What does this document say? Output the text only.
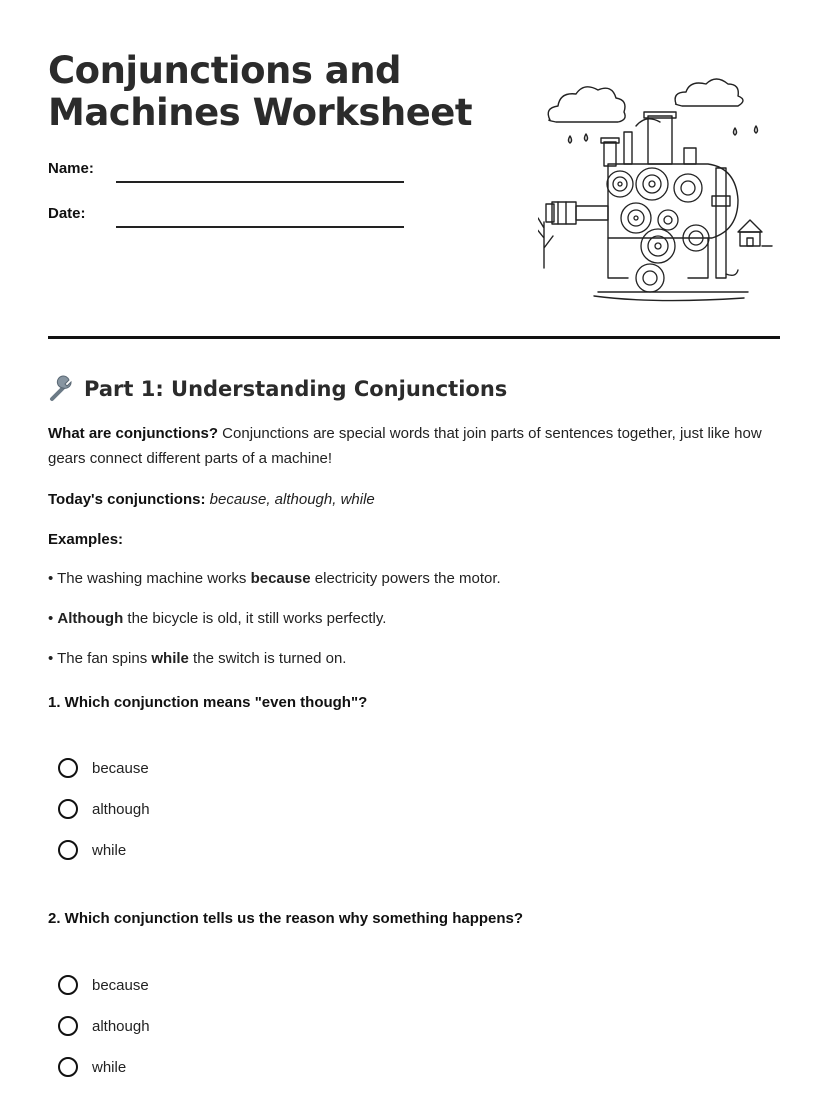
Conjunctions and
Machines Worksheet
Name:
Date:
Part 1: Understanding Conjunctions

What are conjunctions? Conjunctions are special words that join parts of sentences together, just like how gears connect different parts of a machine!

Today's conjunctions: because, although, while

Examples:

• The washing machine works because electricity powers the motor.

• Although the bicycle is old, it still works perfectly.

• The fan spins while the switch is turned on.

1. Which conjunction means "even though"?

because
although
while

2. Which conjunction tells us the reason why something happens?

because
although
while
